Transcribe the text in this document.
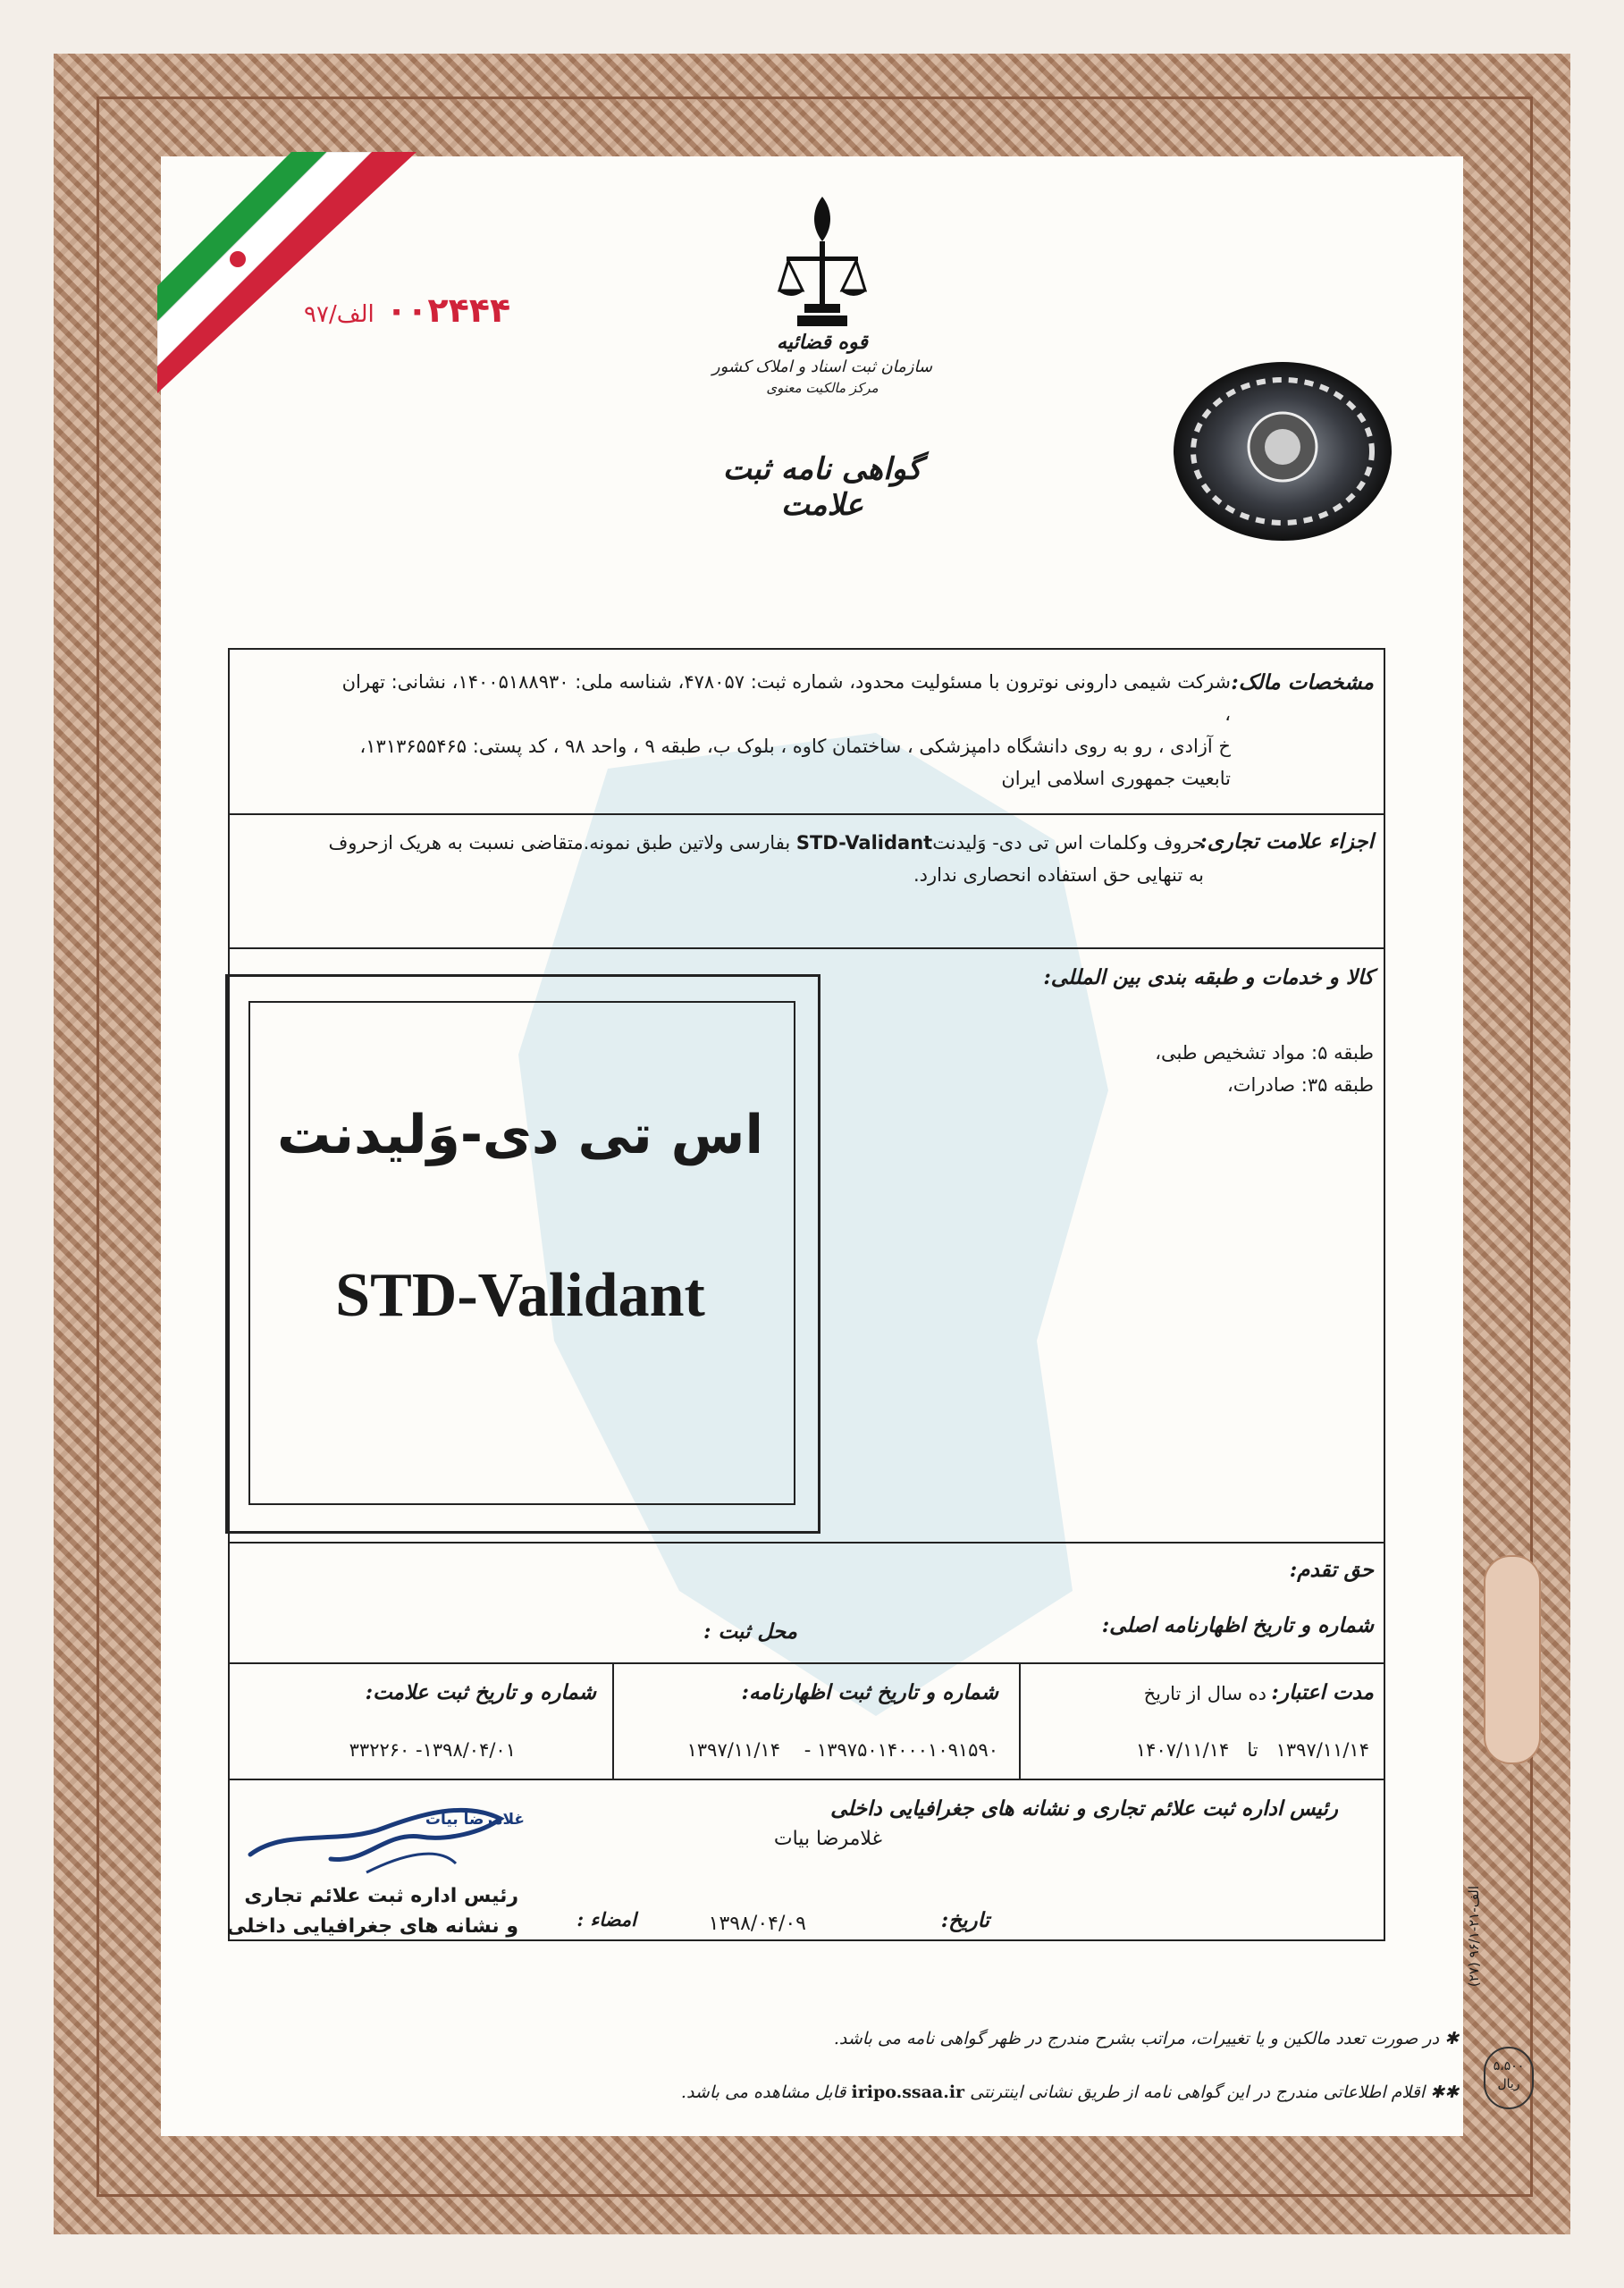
۰۰۲۴۴۴ الف/۹۷
قوه قضائیه
سازمان ثبت اسناد و املاک کشور
مرکز مالکیت معنوی
گواهی نامه ثبت علامت
مشخصات مالک:
شرکت شیمی دارونی نوترون با مسئولیت محدود، شماره ثبت: ۴۷۸۰۵۷، شناسه ملی: ۱۴۰۰۵۱۸۸۹۳۰، نشانی: تهران ،
خ آزادی ، رو به روی دانشگاه دامپزشکی ، ساختمان کاوه ، بلوک ب، طبقه ۹ ، واحد ۹۸ ، کد پستی: ۱۳۱۳۶۵۵۴۶۵،
تابعیت جمهوری اسلامی ایران
اجزاء علامت تجاری:
حروف وکلمات اس تی دی- وَلیدنتSTD-Validant بفارسی ولاتین طبق نمونه.متقاضی نسبت به هریک ازحروف
به تنهایی حق استفاده انحصاری ندارد.
کالا و خدمات و طبقه بندی بین المللی:
طبقه ۵: مواد تشخیص طبی،
طبقه ۳۵: صادرات،
اس تی دی-وَلیدنت
STD-Validant
حق تقدم:
شماره و تاریخ اظهارنامه اصلی:
محل ثبت :
مدت اعتبار:
ده سال از تاریخ
۱۳۹۷/۱۱/۱۴   تا   ۱۴۰۷/۱۱/۱۴
شماره و تاریخ ثبت اظهارنامه:
۱۳۹۷۵۰۱۴۰۰۰۱۰۹۱۵۹۰ -    ۱۳۹۷/۱۱/۱۴
شماره و تاریخ ثبت علامت:
۱۳۹۸/۰۴/۰۱- ۳۳۲۲۶۰
رئیس اداره ثبت علائم تجاری و نشانه های جغرافیایی داخلی
غلامرضا بیات
امضاء :	تاریخ:
۱۳۹۸/۰۴/۰۹
غلامرضا بیات
رئیس اداره ثبت علائم تجاری
و نشانه های جغرافیایی داخلی
(۲۷) الف-۲۱-۹۶/۱
۵،۵۰۰ ریال
✱ در صورت تعدد مالکین و یا تغییرات، مراتب بشرح مندرج در ظهر گواهی نامه می باشد.
✱✱ اقلام اطلاعاتی مندرج در این گواهی نامه از طریق نشانی اینترنتی iripo.ssaa.ir قابل مشاهده می باشد.
